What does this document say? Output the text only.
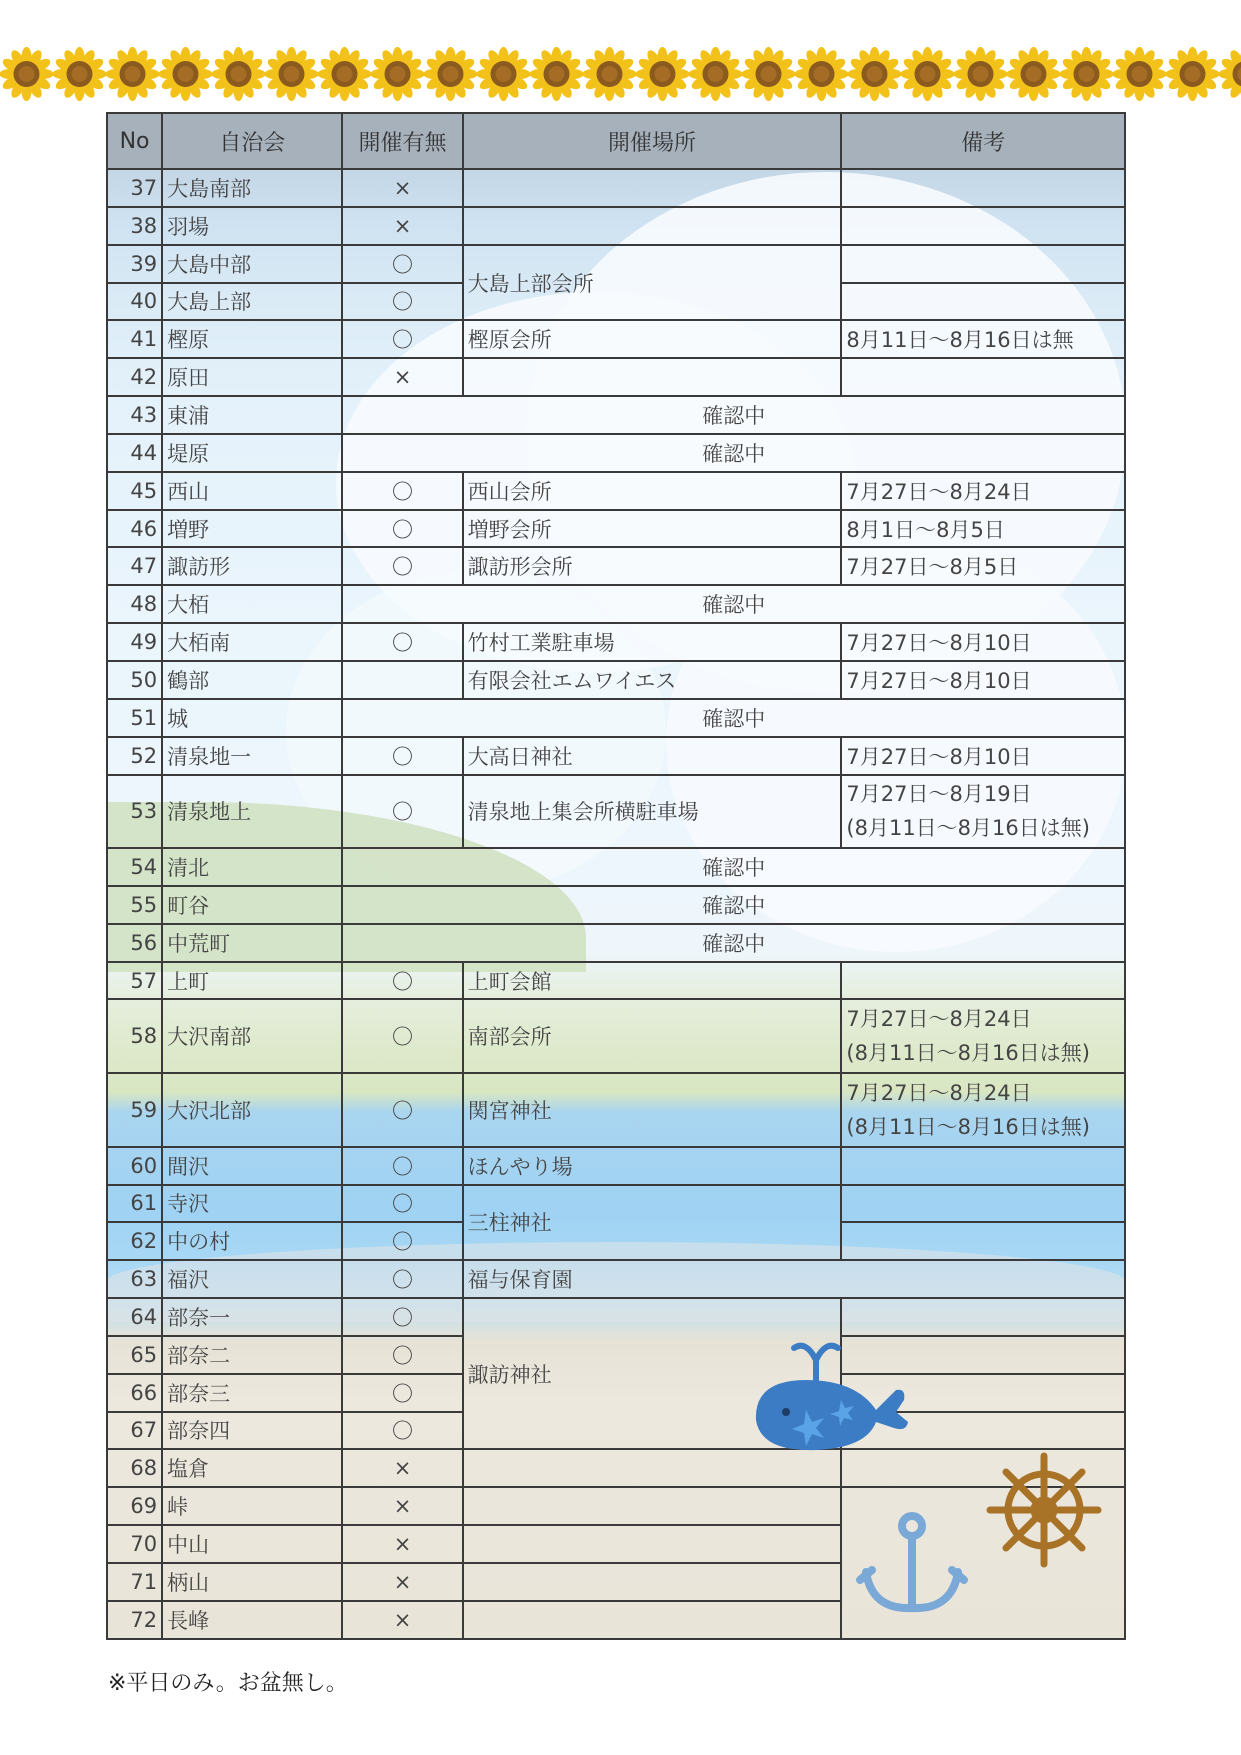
No	自治会	開催有無	開催場所	備考
37	大島南部	×		
38	羽場	×		
39	大島中部	〇	大島上部会所	
40	大島上部	〇		
41	樫原	〇	樫原会所	8月11日～8月16日は無
42	原田	×		
43	東浦	確認中		
44	堤原	確認中		
45	西山	〇	西山会所	7月27日～8月24日
46	増野	〇	増野会所	8月1日～8月5日
47	諏訪形	〇	諏訪形会所	7月27日～8月5日
48	大栢	確認中		
49	大栢南	〇	竹村工業駐車場	7月27日～8月10日
50	鶴部		有限会社エムワイエス	7月27日～8月10日
51	城	確認中		
52	清泉地一	〇	大高日神社	7月27日～8月10日
53	清泉地上	〇	清泉地上集会所横駐車場	7月27日～8月19日
(8月11日～8月16日は無)

54	清北	確認中		
55	町谷	確認中		
56	中荒町	確認中		
57	上町	〇	上町会館	
58	大沢南部	〇	南部会所	7月27日～8月24日
(8月11日～8月16日は無)

59	大沢北部	〇	関宮神社	7月27日～8月24日
(8月11日～8月16日は無)

60	間沢	〇	ほんやり場	
61	寺沢	〇	三柱神社	
62	中の村	〇		
63	福沢	〇	福与保育園	
64	部奈一	〇	諏訪神社	
65	部奈二	〇		
66	部奈三	〇		
67	部奈四	〇		
68	塩倉	×		
69	峠	×		
70	中山	×		
71	柄山	×		
72	長峰	×		
※平日のみ。お盆無し。
